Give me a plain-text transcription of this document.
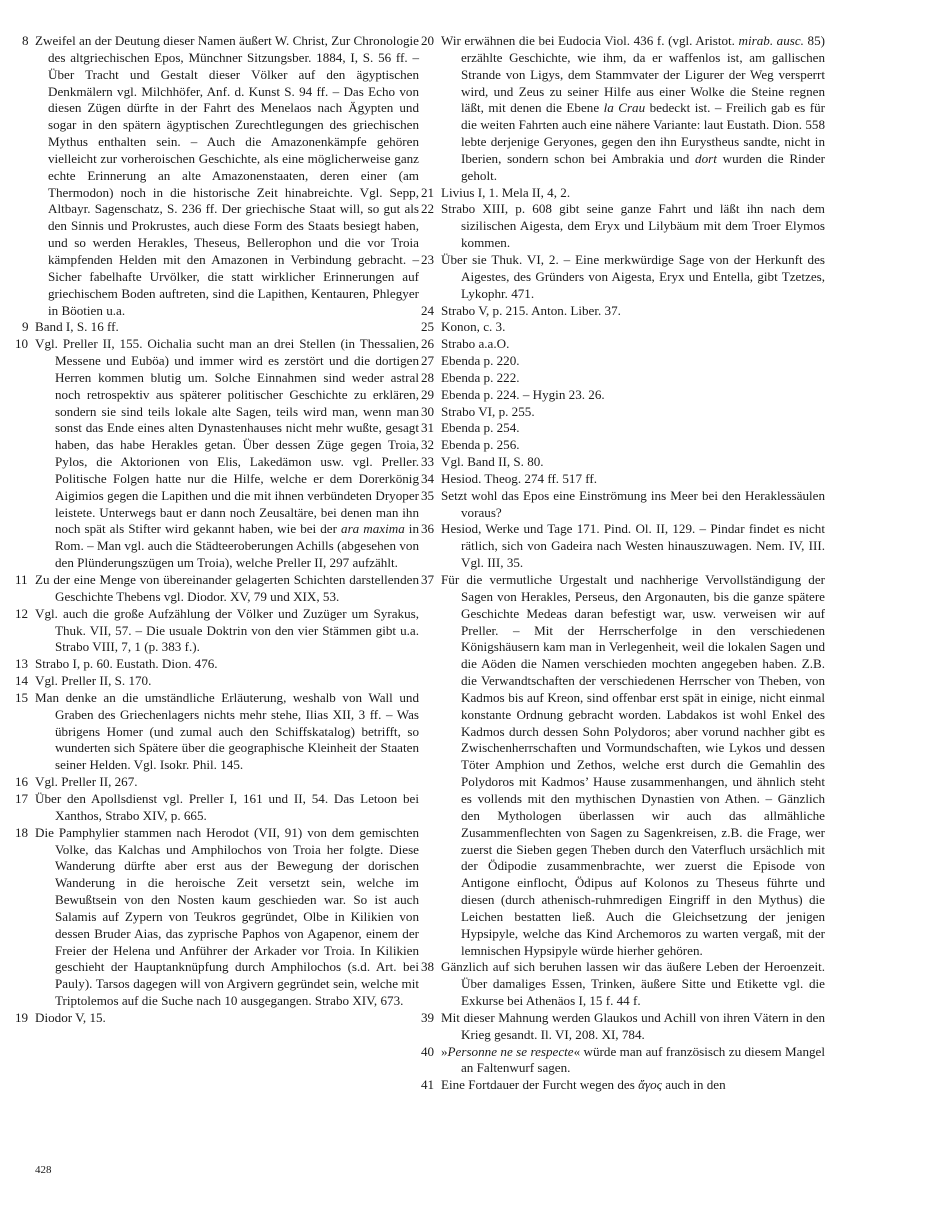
8 Zweifel an der Deutung dieser Namen äußert W. Christ, Zur Chronologie des altgriechischen Epos, Münchner Sitzungsber. 1884, I, S. 56 ff. – Über Tracht und Gestalt dieser Völker auf den ägyptischen Denkmälern vgl. Milchhöfer, Anf. d. Kunst S. 94 ff. – Das Echo von diesen Zügen dürfte in der Fahrt des Menelaos nach Ägypten und sogar in den spätern ägyptischen Zurechtlegungen des griechischen Mythus enthalten sein. – Auch die Amazonenkämpfe gehören vielleicht zur vorheroischen Geschichte, als eine möglicherweise ganz echte Erinnerung an alte Amazonenstaaten, deren einer (am Thermodon) noch in die historische Zeit hinabreichte. Vgl. Sepp, Altbayr. Sagenschatz, S. 236 ff. Der griechische Staat will, so gut als den Sinnis und Prokrustes, auch diese Form des Staats besiegt haben, und so werden Herakles, Theseus, Bellerophon und die vor Troia kämpfenden Helden mit den Amazonen in Verbindung gebracht. – Sicher fabelhafte Urvölker, die statt wirklicher Erinnerungen auf griechischem Boden auftreten, sind die Lapithen, Kentauren, Phlegyer in Böotien u.a.

9 Band I, S. 16 ff.

10 Vgl. Preller II, 155. Oichalia sucht man an drei Stellen (in Thessalien, Messene und Euböa) und immer wird es zerstört und die dortigen Herren kommen blutig um. Solche Einnahmen sind weder astral noch retrospektiv aus späterer politischer Geschichte zu erklären, sondern sie sind teils lokale alte Sagen, teils wird man, wenn man sonst das Ende eines alten Dynastenhauses nicht mehr wußte, gesagt haben, das habe Herakles getan. Über dessen Züge gegen Troia, Pylos, die Aktorionen von Elis, Lakedämon usw. vgl. Preller. Politische Folgen hatte nur die Hilfe, welche er dem Dorerkönig Aigimios gegen die Lapithen und die mit ihnen verbündeten Dryoper leistete. Unterwegs baut er dann noch Zeusaltäre, bei denen man ihn noch spät als Stifter wird gekannt haben, wie bei der ara maxima in Rom. – Man vgl. auch die Städteeroberungen Achills (abgesehen von den Plünderungszügen um Troia), welche Preller II, 297 aufzählt.

11 Zu der eine Menge von übereinander gelagerten Schichten darstellenden Geschichte Thebens vgl. Diodor. XV, 79 und XIX, 53.

12 Vgl. auch die große Aufzählung der Völker und Zuzüger um Syrakus, Thuk. VII, 57. – Die usuale Doktrin von den vier Stämmen gibt u.a. Strabo VIII, 7, 1 (p. 383 f.).

13 Strabo I, p. 60. Eustath. Dion. 476.

14 Vgl. Preller II, S. 170.

15 Man denke an die umständliche Erläuterung, weshalb von Wall und Graben des Griechenlagers nichts mehr stehe, Ilias XII, 3 ff. – Was übrigens Homer (und zumal auch den Schiffskatalog) betrifft, so wunderten sich Spätere über die geographische Kleinheit der Staaten seiner Helden. Vgl. Isokr. Phil. 145.

16 Vgl. Preller II, 267.

17 Über den Apollsdienst vgl. Preller I, 161 und II, 54. Das Letoon bei Xanthos, Strabo XIV, p. 665.

18 Die Pamphylier stammen nach Herodot (VII, 91) von dem gemischten Volke, das Kalchas und Amphilochos von Troia her folgte. Diese Wanderung dürfte aber erst aus der Bewegung der dorischen Wanderung in die heroische Zeit versetzt sein, welche im Bewußtsein von den Nosten kaum geschieden war. So ist auch Salamis auf Zypern von Teukros gegründet, Olbe in Kilikien von dessen Bruder Aias, das zyprische Paphos von Agapenor, einem der Freier der Helena und Anführer der Arkader vor Troia. In Kilikien geschieht der Hauptanknüpfung durch Amphilochos (s.d. Art. bei Pauly). Tarsos dagegen will von Argivern gegründet sein, welche mit Triptolemos auf die Suche nach 10 ausgegangen. Strabo XIV, 673.

19 Diodor V, 15.

20 Wir erwähnen die bei Eudocia Viol. 436 f. (vgl. Aristot. mirab. ausc. 85) erzählte Geschichte, wie ihm, da er waffenlos ist, am gallischen Strande von Ligys, dem Stammvater der Ligurer der Weg versperrt wird, und Zeus zu seiner Hilfe aus einer Wolke die Steine regnen läßt, mit denen die Ebene la Crau bedeckt ist. – Freilich gab es für die weiten Fahrten auch eine nähere Variante: laut Eustath. Dion. 558 lebte derjenige Geryones, gegen den ihn Eurystheus sandte, nicht in Iberien, sondern schon bei Ambrakia und dort wurden die Rinder geholt.

21 Livius I, 1. Mela II, 4, 2.

22 Strabo XIII, p. 608 gibt seine ganze Fahrt und läßt ihn nach dem sizilischen Aigesta, dem Eryx und Lilybäum mit dem Troer Elymos kommen.

23 Über sie Thuk. VI, 2. – Eine merkwürdige Sage von der Herkunft des Aigestes, des Gründers von Aigesta, Eryx und Entella, gibt Tzetzes, Lykophr. 471.

24 Strabo V, p. 215. Anton. Liber. 37.

25 Konon, c. 3.

26 Strabo a.a.O.

27 Ebenda p. 220.

28 Ebenda p. 222.

29 Ebenda p. 224. – Hygin 23. 26.

30 Strabo VI, p. 255.

31 Ebenda p. 254.

32 Ebenda p. 256.

33 Vgl. Band II, S. 80.

34 Hesiod. Theog. 274 ff. 517 ff.

35 Setzt wohl das Epos eine Einströmung ins Meer bei den Heraklessäulen voraus?

36 Hesiod, Werke und Tage 171. Pind. Ol. II, 129. – Pindar findet es nicht rätlich, sich von Gadeira nach Westen hinauszuwagen. Nem. IV, III. Vgl. III, 35.

37 Für die vermutliche Urgestalt und nachherige Vervollständigung der Sagen von Herakles, Perseus, den Argonauten, bis die ganze spätere Geschichte Medeas daran befestigt war, usw. verweisen wir auf Preller. – Mit der Herrscherfolge in den verschiedenen Königshäusern kam man in Verlegenheit, weil die lokalen Sagen und die Aöden die Namen verschieden mochten angegeben haben. Z.B. die Verwandtschaften der verschiedenen Herrscher von Theben, von Kadmos bis auf Kreon, sind offenbar erst spät in einige, nicht einmal konstante Ordnung gebracht worden. Labdakos ist wohl Enkel des Kadmos durch dessen Sohn Polydoros; aber vorund nachher gibt es Zwischenherrschaften und Vormundschaften, wie Lykos und dessen Töter Amphion und Zethos, welche erst durch die Gemahlin des Polydoros mit Kadmos’ Hause zusammenhangen, und ähnlich steht es vollends mit den mythischen Dynastien von Athen. – Gänzlich den Mythologen überlassen wir auch das allmähliche Zusammenflechten von Sagen zu Sagenkreisen, z.B. die Frage, wer zuerst die Sieben gegen Theben durch den Vaterfluch ursächlich mit der Ödipodie zusammenbrachte, wer zuerst die Episode von Antigone einflocht, Ödipus auf Kolonos zu Theseus führte und diesen (durch athenisch-ruhmredigen Eingriff in den Mythus) die Leichen bestatten ließ. Auch die Gleichsetzung der jenigen Hypsipyle, welche das Kind Archemoros zu warten vergaß, mit der lemnischen Hypsipyle würde hierher gehören.

38 Gänzlich auf sich beruhen lassen wir das äußere Leben der Heroenzeit. Über damaliges Essen, Trinken, äußere Sitte und Etikette vgl. die Exkurse bei Athenäos I, 15 f. 44 f.

39 Mit dieser Mahnung werden Glaukos und Achill von ihren Vätern in den Krieg gesandt. Il. VI, 208. XI, 784.

40 »Personne ne se respecte« würde man auf französisch zu diesem Mangel an Faltenwurf sagen.

41 Eine Fortdauer der Furcht wegen des ἄγος auch in den

428
